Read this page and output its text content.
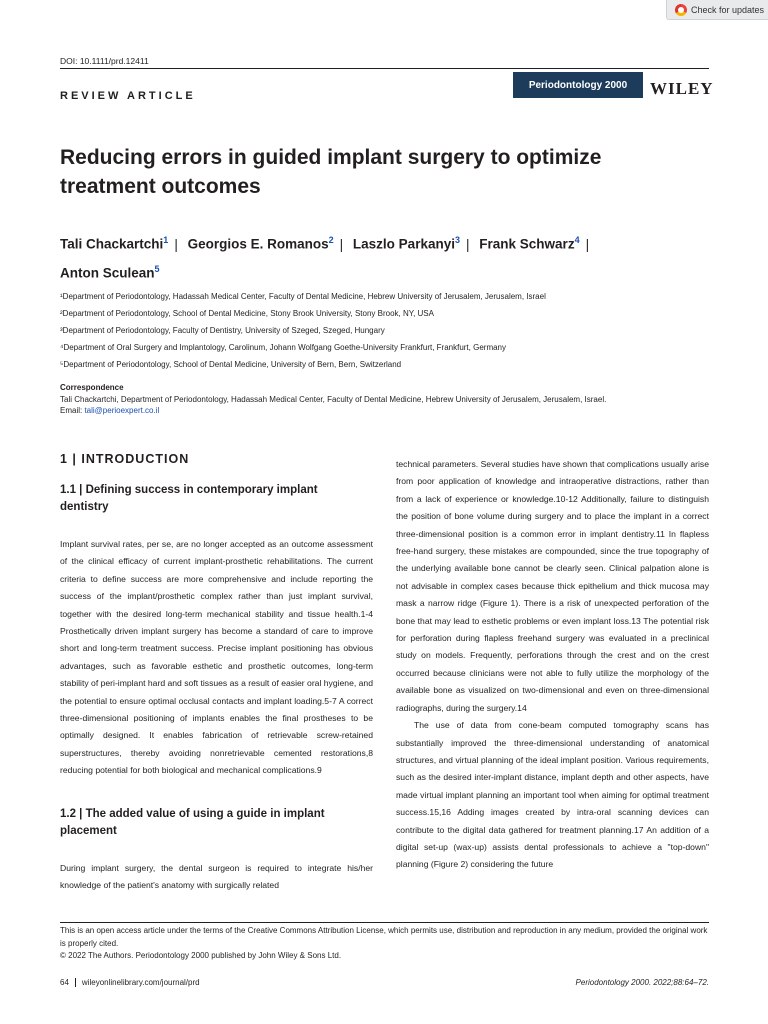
Check for updates
DOI: 10.1111/prd.12411
Periodontology 2000	WILEY
REVIEW ARTICLE
Reducing errors in guided implant surgery to optimize treatment outcomes
Tali Chackartchi$^1$ | Georgios E. Romanos$^2$ | Laszlo Parkanyi$^3$ | Frank Schwarz$^4$ |
Anton Sculean$^5$
¹Department of Periodontology, Hadassah Medical Center, Faculty of Dental Medicine, Hebrew University of Jerusalem, Jerusalem, Israel
²Department of Periodontology, School of Dental Medicine, Stony Brook University, Stony Brook, NY, USA
³Department of Periodontology, Faculty of Dentistry, University of Szeged, Szeged, Hungary
⁴Department of Oral Surgery and Implantology, Carolinum, Johann Wolfgang Goethe-University Frankfurt, Frankfurt, Germany
⁵Department of Periodontology, School of Dental Medicine, University of Bern, Bern, Switzerland
Correspondence
Tali Chackartchi, Department of Periodontology, Hadassah Medical Center, Faculty of Dental Medicine, Hebrew University of Jerusalem, Jerusalem, Israel.
Email: tali@perioexpert.co.il
1 | INTRODUCTION
1.1 | Defining success in contemporary implant dentistry
Implant survival rates, per se, are no longer accepted as an outcome assessment of the clinical efficacy of current implant-prosthetic rehabilitations. The current criteria to define success are more comprehensive and include reporting the success of the implant/prosthetic complex rather than just implant survival, together with the desired long-term mechanical stability and tissue health.1-4 Prosthetically driven implant surgery has become a standard of care to improve short and long-term treatment success. Precise implant positioning has obvious advantages, such as favorable esthetic and prosthetic outcomes, long-term stability of peri-implant hard and soft tissues as a result of easier oral hygiene, and the potential to ensure optimal occlusal contacts and implant loading.5-7 A correct three-dimensional positioning of implants enables the final prostheses to be optimally designed. It enables fabrication of retrievable screw-retained superstructures, thereby avoiding nonretrievable cemented restorations,8 reducing potential for both biological and mechanical complications.9
1.2 | The added value of using a guide in implant placement
During implant surgery, the dental surgeon is required to integrate his/her knowledge of the patient's anatomy with surgically related
technical parameters. Several studies have shown that complications usually arise from poor application of knowledge and intraoperative distractions, rather than from a lack of experience or knowledge.10-12 Additionally, failure to distinguish the position of bone volume during surgery and to place the implant in a correct three-dimensional position is a common error in implant dentistry.11 In flapless free-hand surgery, these mistakes are compounded, since the true topography of the underlying available bone cannot be clearly seen. Clinical palpation alone is not advisable in complex cases because thick epithelium and thick mucosa may mask a narrow ridge (Figure 1). There is a risk of unexpected perforation of the bone that may lead to esthetic problems or even implant loss.13 The potential risk for perforation during flapless freehand surgery was evaluated in a preclinical study on models. Frequently, perforations through the crest and on the crest occurred because clinicians were not able to fully utilize the morphology of the available bone as visualized on two-dimensional and even on three-dimensional radiographs, during the surgery.14
The use of data from cone-beam computed tomography scans has substantially improved the three-dimensional understanding of anatomical structures, and virtual planning of the ideal implant position. Various requirements, such as the desired inter-implant distance, implant depth and other aspects, have made virtual implant planning an important tool when aiming for optimal treatment success.15,16 Adding images created by intra-oral scanning devices can contribute to the digital data gathered for treatment planning.17 An addition of a digital set-up (wax-up) assists dental professionals to achieve a "top-down" planning (Figure 2) considering the future
This is an open access article under the terms of the Creative Commons Attribution License, which permits use, distribution and reproduction in any medium, provided the original work is properly cited.
© 2022 The Authors. Periodontology 2000 published by John Wiley & Sons Ltd.
64 wileyonlinelibrary.com/journal/prd	Periodontology 2000. 2022;88:64–72.
